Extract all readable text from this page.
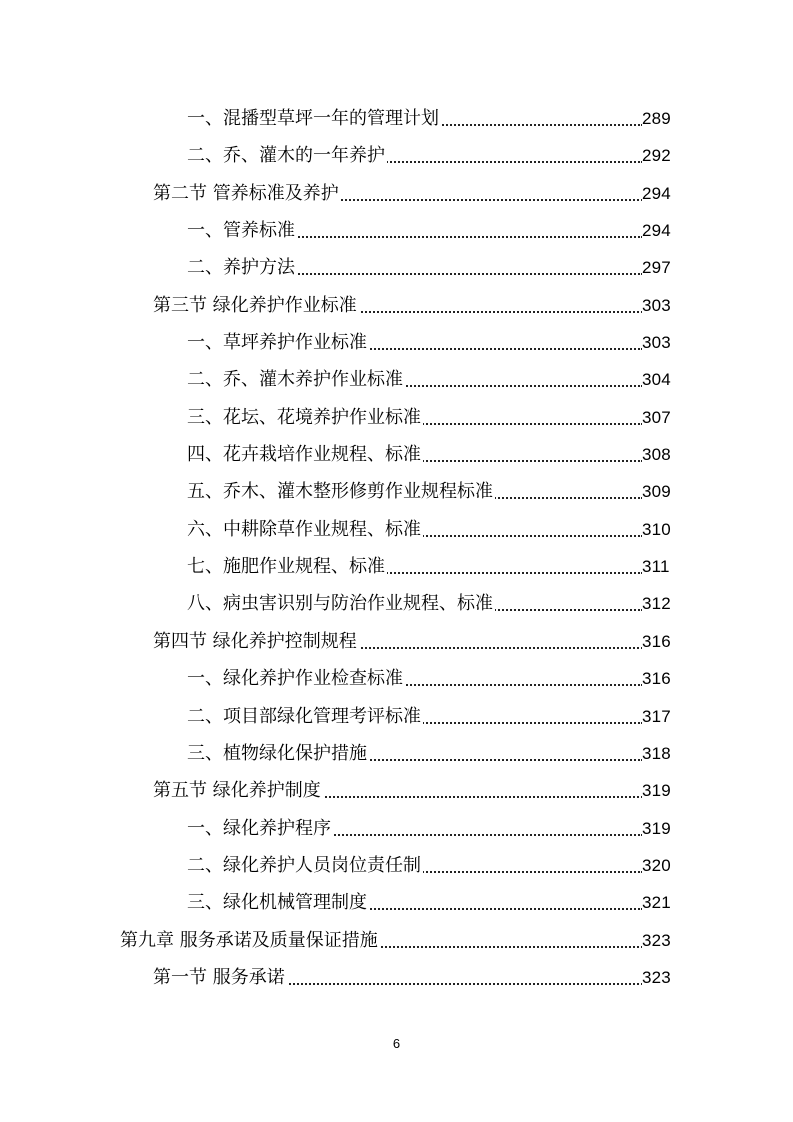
一、混播型草坪一年的管理计划	289
二、乔、灌木的一年养护	292
第二节 管养标准及养护	294
一、管养标准	294
二、养护方法	297
第三节 绿化养护作业标准	303
一、草坪养护作业标准	303
二、乔、灌木养护作业标准	304
三、花坛、花境养护作业标准	307
四、花卉栽培作业规程、标准	308
五、乔木、灌木整形修剪作业规程标准	309
六、中耕除草作业规程、标准	310
七、施肥作业规程、标准	311
八、病虫害识别与防治作业规程、标准	312
第四节 绿化养护控制规程	316
一、绿化养护作业检查标准	316
二、项目部绿化管理考评标准	317
三、植物绿化保护措施	318
第五节 绿化养护制度	319
一、绿化养护程序	319
二、绿化养护人员岗位责任制	320
三、绿化机械管理制度	321
第九章 服务承诺及质量保证措施	323
第一节 服务承诺	323
6
